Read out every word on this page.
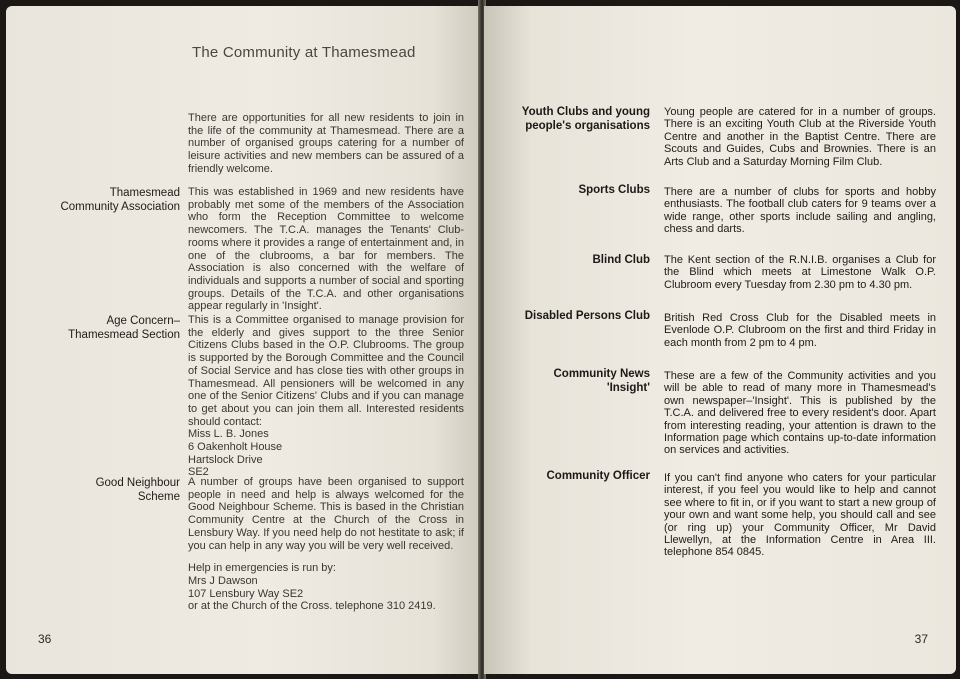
The Community at Thamesmead
There are opportunities for all new residents to join in the life of the community at Thamesmead. There are a number of organised groups catering for a number of leisure activities and new members can be assured of a friendly welcome.
Thamesmead
Community Association
This was established in 1969 and new residents have probably met some of the members of the Association who form the Reception Committee to welcome newcomers. The T.C.A. manages the Tenants' Club-rooms where it provides a range of entertainment and, in one of the clubrooms, a bar for members. The Association is also concerned with the welfare of individuals and supports a number of social and sporting groups. Details of the T.C.A. and other organisations appear regularly in 'Insight'.
Age Concern–
Thamesmead Section

This is a Committee organised to manage provision for the elderly and gives support to the three Senior Citizens Clubs based in the O.P. Clubrooms. The group is supported by the Borough Committee and the Council of Social Service and has close ties with other groups in Thamesmead. All pensioners will be welcomed in any one of the Senior Citizens' Clubs and if you can manage to get about you can join them all. Interested residents should contact:

Miss L. B. Jones
6 Oakenholt House
Hartslock Drive
SE2
Good Neighbour
Scheme

A number of groups have been organised to support people in need and help is always welcomed for the Good Neighbour Scheme. This is based in the Christian Community Centre at the Church of the Cross in Lensbury Way. If you need help do not hestitate to ask; if you can help in any way you will be very well received.

Help in emergencies is run by:

Mrs J Dawson
107 Lensbury Way SE2
or at the Church of the Cross. telephone 310 2419.
36
Youth Clubs and young
people's organisations
Young people are catered for in a number of groups. There is an exciting Youth Club at the Riverside Youth Centre and another in the Baptist Centre. There are Scouts and Guides, Cubs and Brownies. There is an Arts Club and a Saturday Morning Film Club.
Sports Clubs There are a number of clubs for sports and hobby enthusiasts. The football club caters for 9 teams over a wide range, other sports include sailing and angling, chess and darts.
Blind Club The Kent section of the R.N.I.B. organises a Club for the Blind which meets at Limestone Walk O.P. Clubroom every Tuesday from 2.30 pm to 4.30 pm.
Disabled Persons Club British Red Cross Club for the Disabled meets in Evenlode O.P. Clubroom on the first and third Friday in each month from 2 pm to 4 pm.
Community News
'Insight'
These are a few of the Community activities and you will be able to read of many more in Thamesmead's own newspaper–'Insight'. This is published by the T.C.A. and delivered free to every resident's door. Apart from interesting reading, your attention is drawn to the Information page which contains up-to-date information on services and activities.
Community Officer If you can't find anyone who caters for your particular interest, if you feel you would like to help and cannot see where to fit in, or if you want to start a new group of your own and want some help, you should call and see (or ring up) your Community Officer, Mr David Llewellyn, at the Information Centre in Area III. telephone 854 0845.
37
